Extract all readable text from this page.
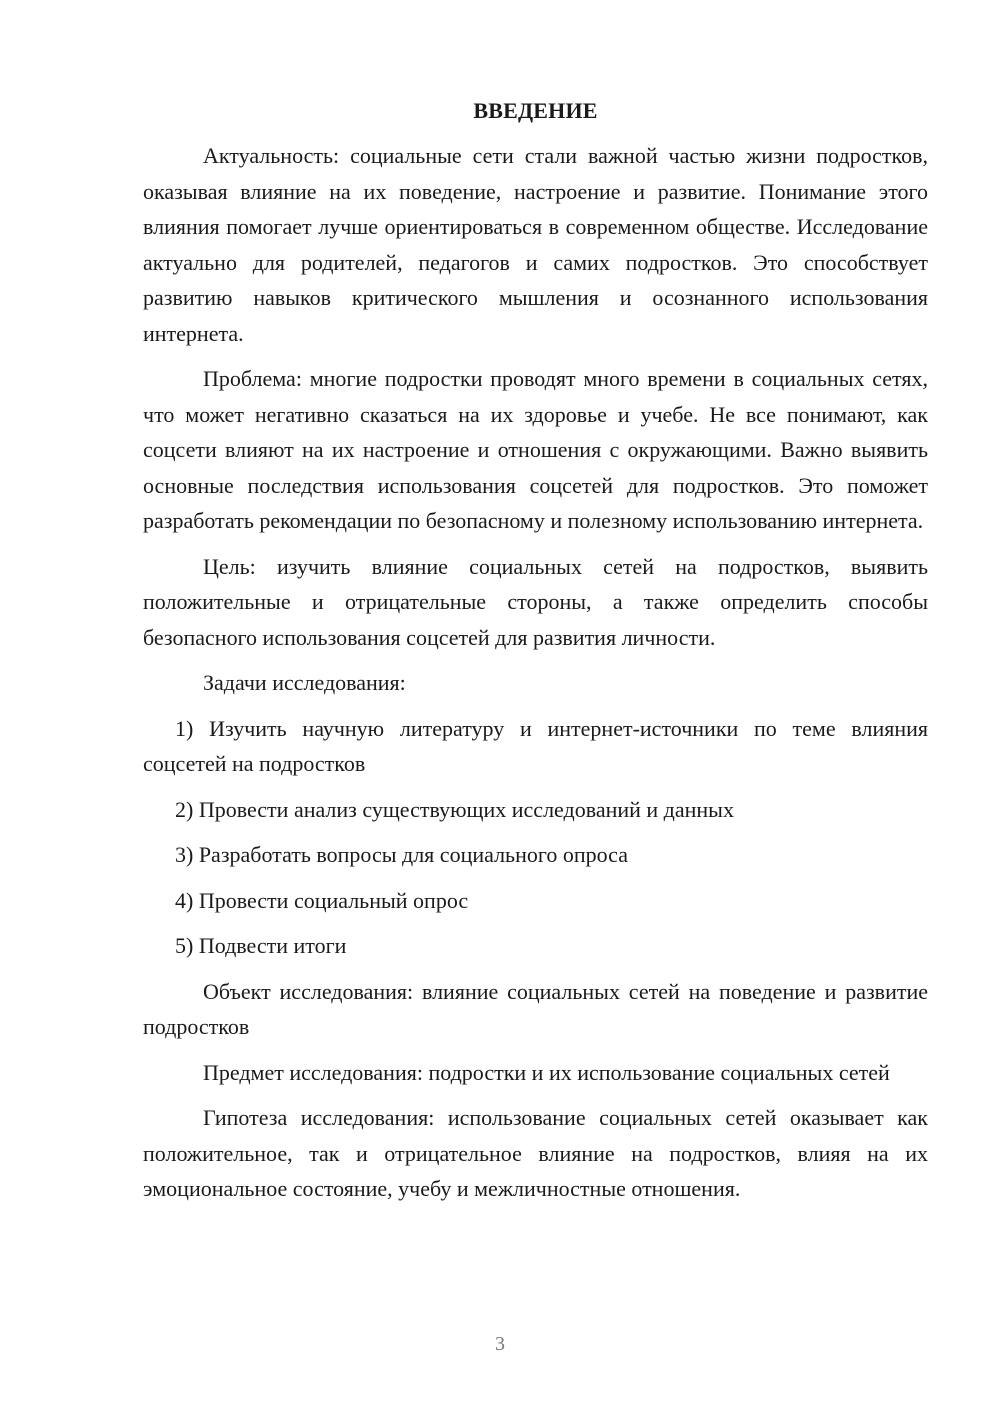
ВВЕДЕНИЕ

Актуальность: социальные сети стали важной частью жизни подростков, оказывая влияние на их поведение, настроение и развитие. Понимание этого влияния помогает лучше ориентироваться в современном обществе. Исследование актуально для родителей, педагогов и самих подростков. Это способствует развитию навыков критического мышления и осознанного использования интернета.

Проблема: многие подростки проводят много времени в социальных сетях, что может негативно сказаться на их здоровье и учебе. Не все понимают, как соцсети влияют на их настроение и отношения с окружающими. Важно выявить основные последствия использования соцсетей для подростков. Это поможет разработать рекомендации по безопасному и полезному использованию интернета.

Цель: изучить влияние социальных сетей на подростков, выявить положительные и отрицательные стороны, а также определить способы безопасного использования соцсетей для развития личности.

Задачи исследования:

1) Изучить научную литературу и интернет-источники по теме влияния соцсетей на подростков

2) Провести анализ существующих исследований и данных

3) Разработать вопросы для социального опроса

4) Провести социальный опрос

5) Подвести итоги

Объект исследования: влияние социальных сетей на поведение и развитие подростков

Предмет исследования: подростки и их использование социальных сетей

Гипотеза исследования: использование социальных сетей оказывает как положительное, так и отрицательное влияние на подростков, влияя на их эмоциональное состояние, учебу и межличностные отношения.

3
